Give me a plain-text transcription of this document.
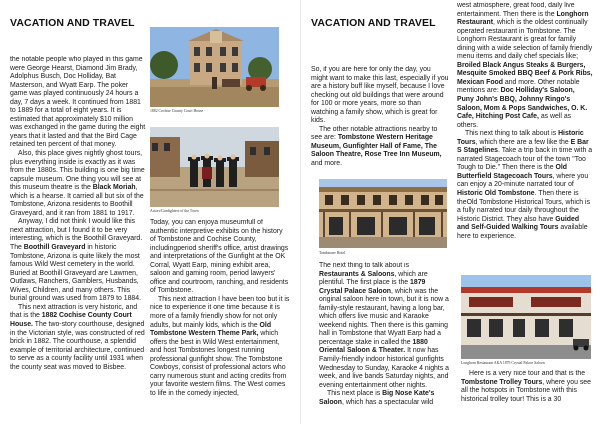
VACATION AND TRAVEL

the notable people who played in this game were George Hearst, Diamond Jim Brady, Adolphus Busch, Doc Holliday, Bat Masterson, and Wyatt Earp. The poker game was played continuously 24 hours a day, 7 days a week. It continued from 1881 to 1889 for a total of eight years. It is estimated that approximately $10 million was exchanged in the game during the eight years that it lasted and that the Bird Cage retained ten percent of that money.

Also, this place gives nightly ghost tours, plus everything inside is exactly as it was from the 1880s. This building is one big time capsule museum. One thing you will see at this museum theatre is the Black Moriah, which is a hearse. It carried all but six of the Tombstone, Arizona residents to Boothill Graveyard, and it ran from 1881 to 1917.

Anyway, I did not think I would like this next attraction, but I found it to be very interesting, which is the Boothill Graveyard. The Boothill Graveyard in historic Tombstone, Arizona is quite likely the most famous Wild West cemetery in the world. Buried at Boothill Graveyard are Lawmen, Outlaws, Ranchers, Gamblers, Husbands, Wives, Children, and many others. This burial ground was used from 1879 to 1884.

This next attraction is very historic, and that is the 1882 Cochise County Court House. The two-story courthouse, designed in the Victorian style, was constructed of red brick in 1882. The courthouse, a splendid example of territorial architecture, continued to serve as a county facility until 1931 when the county seat was moved to Bisbee.

1882 Cochise County Court House
Actors/Gunfighters of the Town

Today, you can enjoya museumfull of authentic interpretive exhibits on the history of Tombstone and Cochise County, includingperiod sheriff's office, artist drawings and interpretations of the Gunfight at the OK Corral, Wyatt Earp, mining exhibit area, saloon and gaming room, period lawyers' office and courtroom, ranching, and residents of Tombstone.

This next attraction I have been too but it is nice to experience it one time because it is more of a family friendly show for not only adults, but mainly kids, which is the Old Tombstone Western Theme Park, which offers the best in Wild West entertainment, and host Tombstones longest running professional gunfight show. The Tombstone Cowboys, consist of professional actors who carry numerous stunt and acting credits from your favorite western films. The West comes to life in the comedy injected,

VACATION AND TRAVEL

So, if you are here for only the day, you might want to make this last, especially if you are a history buff like myself, because I love checking out old buildings that were around for 100 or more years, more so than watching a family show, which is great for kids.

The other notable attractions nearby to see are: Tombstone Western Heritage Museum, Gunfighter Hall of Fame, The Saloon Theatre, Rose Tree Inn Museum, and more.

Tombstone Hotel

The next thing to talk about is Restaurants & Saloons, which are plentiful. The first place is the 1879 Crystal Palace Saloon, which was the original saloon here in town, but it is now a family-style restaurant, having a long bar, which offers live music and Karaoke weekend nights. Then there is this gaming hall in Tombstone that Wyatt Earp had a percentage stake in called the 1880 Oriental Saloon & Theater. It now has Family-friendly indoor historical gunfights Wednesday to Sunday, Karaoke 4 nights a week, and live bands Saturday nights, and evening entertainment other nights.

This next place is Big Nose Kate's Saloon, which has a spectacular wild

west atmosphere, great food, daily live entertainment. Then there is the Longhorn Restaurant, which is the oldest continually operated restaurant in Tombstone. The Longhorn Restaurant is great for family dining with a wide selection of family friendly menu items and daily chef specials like; Broiled Black Angus Steaks & Burgers, Mesquite Smoked BBQ Beef & Pork Ribs, Mexican Food and more. Other notable mentions are: Doc Holliday's Saloon, Puny John's BBQ, Johnny Ringo's Saloon, Mom & Pops Sandwiches, O. K. Cafe, Hitching Post Cafe, as well as others.

This next thing to talk about is Historic Tours, which there are a few like the E Bar S Stagelines. Take a trip back in time with a narrated Stagecoach tour of the town "Too Tough to Die." Then there is the Old Butterfield Stagecoach Tours, where you can enjoy a 20-minute narrated tour of Historic Old Tombstone. Then there is theOld Tombstone Historical Tours, which is a fully narrated tour daily throughout the Historic District. They also have Guided and Self-Guided Walking Tours available here to experience.

Longhorn Restaurant AKA 1879 Crystal Palace Saloon

Here is a very nice tour and that is the Tombstone Trolley Tours, where you see all the hotspots in Tombstone with this historical trolley tour! This is a 30
